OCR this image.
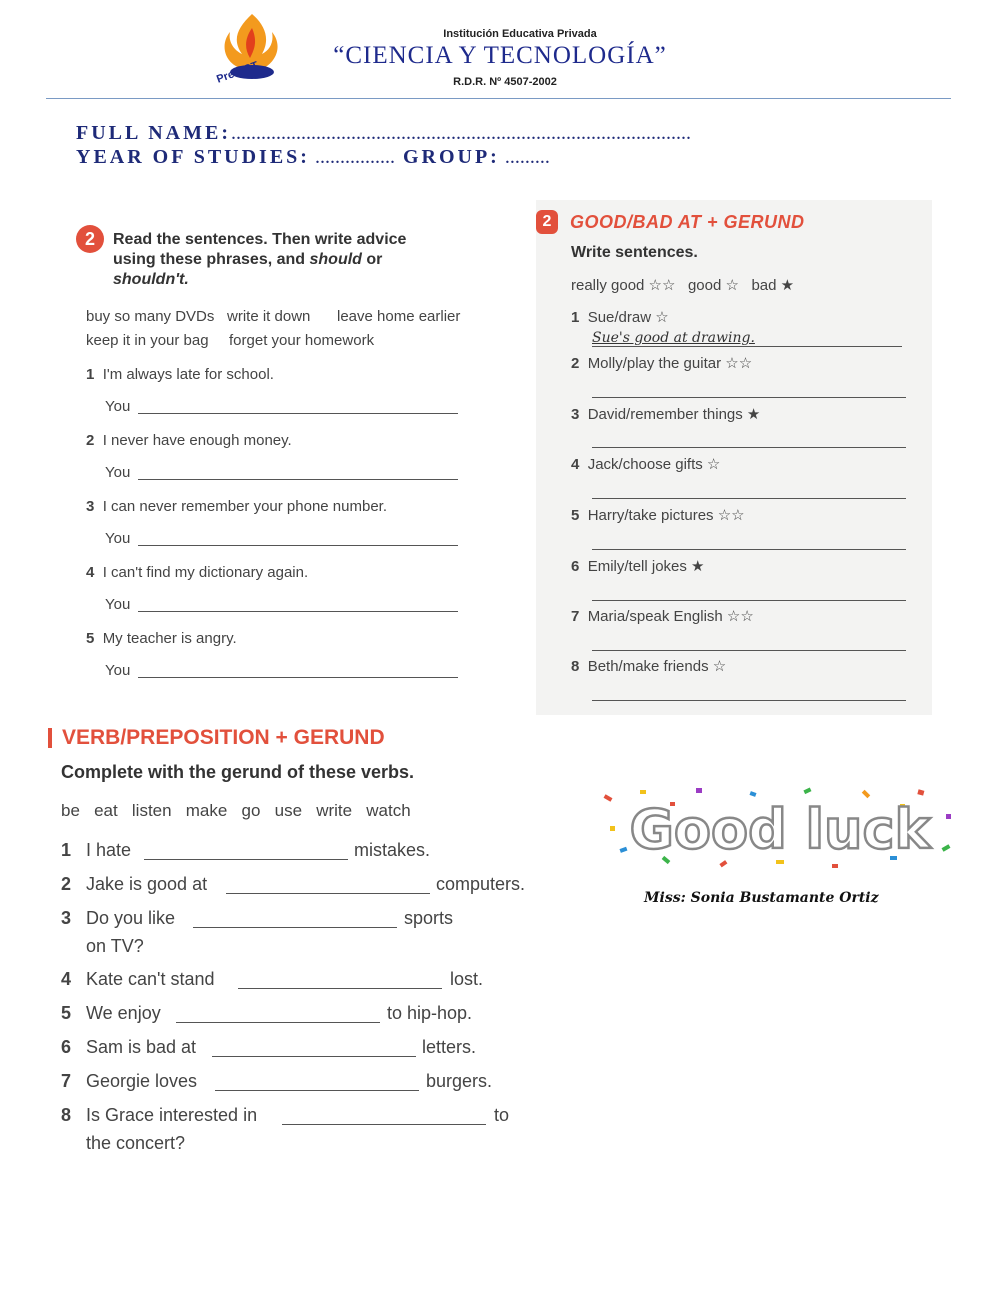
Pre UCT
Institución Educativa Privada
“CIENCIA Y TECNOLOGÍA”
R.D.R. Nº 4507-2002
FULL NAME:............................................................................................
YEAR OF STUDIES: ................ GROUP: .........
2	Read the sentences. Then write advice
using these phrases, and should or
shouldn't.
buy so many DVDs write it down leave home earlier
keep it in your bag forget your homework
1 I'm always late for school.
You
2 I never have enough money.
You
3 I can never remember your phone number.
You
4 I can't find my dictionary again.
You
5 My teacher is angry.
You
2	GOOD/BAD AT + GERUND
Write sentences.
really good ☆☆ good ☆ bad ★
1 Sue/draw ☆
Sue's good at drawing.
2 Molly/play the guitar ☆☆
3 David/remember things ★
4 Jack/choose gifts ☆
5 Harry/take pictures ☆☆
6 Emily/tell jokes ★
7 Maria/speak English ☆☆
8 Beth/make friends ☆
VERB/PREPOSITION + GERUND
Complete with the gerund of these verbs.
be eat listen make go use write watch
1 I hate	mistakes.
2 Jake is good at	computers.
3 Do you like	sports
on TV?
4 Kate can't stand	lost.
5 We enjoy	to hip-hop.
6 Sam is bad at	letters.
7 Georgie loves	burgers.
8 Is Grace interested in	to
the concert?
Good luck
Miss: Sonia Bustamante Ortiz
